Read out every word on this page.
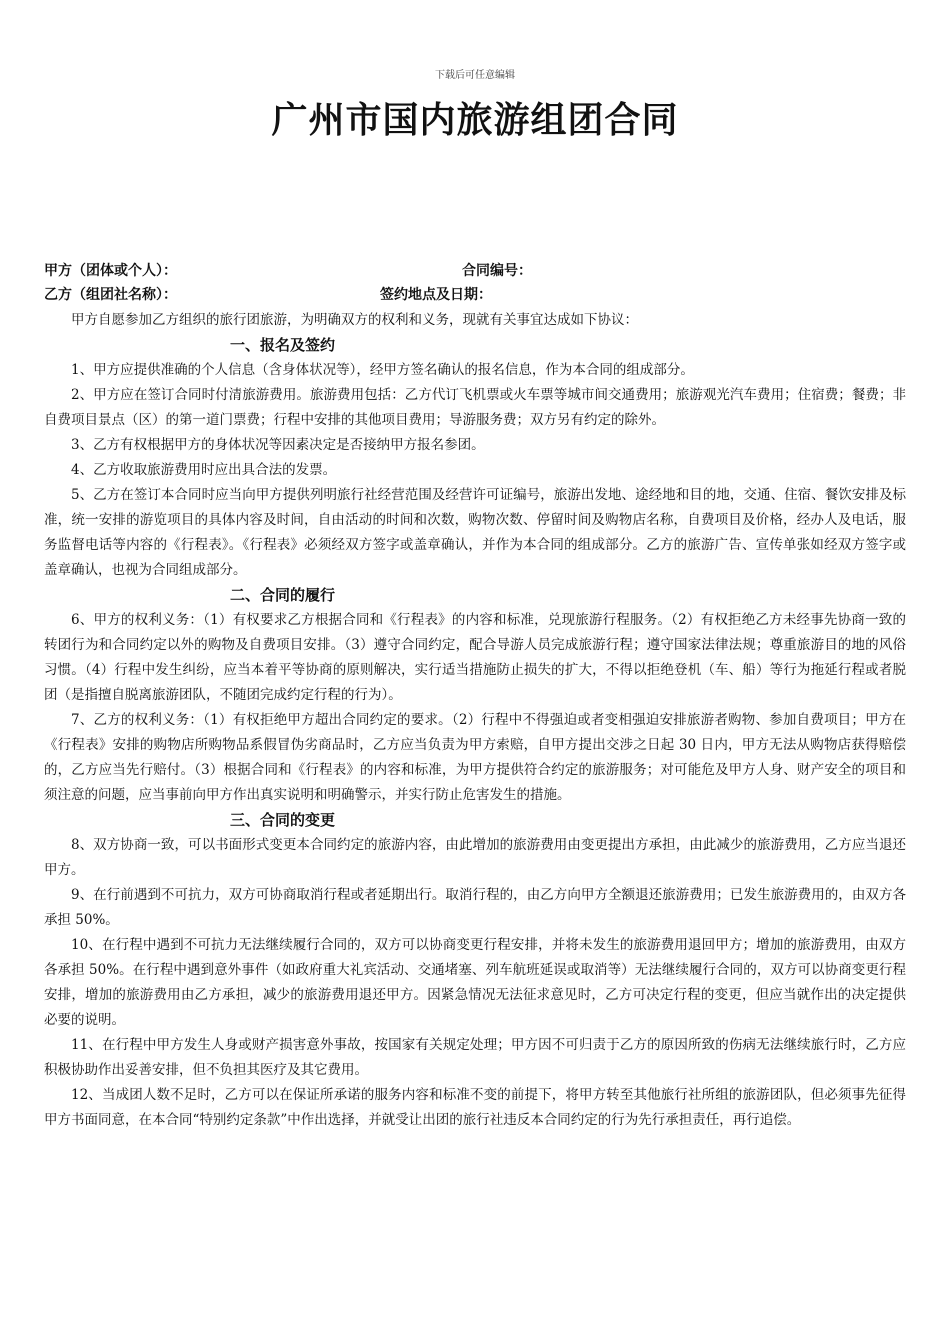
下载后可任意编辑
广州市国内旅游组团合同
甲方（团体或个人）：	合同编号：
乙方（组团社名称）：	签约地点及日期：

甲方自愿参加乙方组织的旅行团旅游，为明确双方的权利和义务，现就有关事宜达成如下协议：

一、报名及签约

1、甲方应提供准确的个人信息（含身体状况等），经甲方签名确认的报名信息，作为本合同的组成部分。

2、甲方应在签订合同时付清旅游费用。旅游费用包括：乙方代订飞机票或火车票等城市间交通费用；旅游观光汽车费用；住宿费；餐费；非自费项目景点（区）的第一道门票费；行程中安排的其他项目费用；导游服务费；双方另有约定的除外。

3、乙方有权根据甲方的身体状况等因素决定是否接纳甲方报名参团。

4、乙方收取旅游费用时应出具合法的发票。

5、乙方在签订本合同时应当向甲方提供列明旅行社经营范围及经营许可证编号，旅游出发地、途经地和目的地，交通、住宿、餐饮安排及标准，统一安排的游览项目的具体内容及时间，自由活动的时间和次数，购物次数、停留时间及购物店名称，自费项目及价格，经办人及电话，服务监督电话等内容的《行程表》。《行程表》必须经双方签字或盖章确认，并作为本合同的组成部分。乙方的旅游广告、宣传单张如经双方签字或盖章确认，也视为合同组成部分。

二、合同的履行

6、甲方的权利义务：（1）有权要求乙方根据合同和《行程表》的内容和标准，兑现旅游行程服务。（2）有权拒绝乙方未经事先协商一致的转团行为和合同约定以外的购物及自费项目安排。（3）遵守合同约定，配合导游人员完成旅游行程；遵守国家法律法规；尊重旅游目的地的风俗习惯。（4）行程中发生纠纷，应当本着平等协商的原则解决，实行适当措施防止损失的扩大，不得以拒绝登机（车、船）等行为拖延行程或者脱团（是指擅自脱离旅游团队，不随团完成约定行程的行为）。

7、乙方的权利义务：（1）有权拒绝甲方超出合同约定的要求。（2）行程中不得强迫或者变相强迫安排旅游者购物、参加自费项目；甲方在《行程表》安排的购物店所购物品系假冒伪劣商品时，乙方应当负责为甲方索赔，自甲方提出交涉之日起 30 日内，甲方无法从购物店获得赔偿的，乙方应当先行赔付。（3）根据合同和《行程表》的内容和标准，为甲方提供符合约定的旅游服务；对可能危及甲方人身、财产安全的项目和须注意的问题，应当事前向甲方作出真实说明和明确警示，并实行防止危害发生的措施。

三、合同的变更

8、双方协商一致，可以书面形式变更本合同约定的旅游内容，由此增加的旅游费用由变更提出方承担，由此减少的旅游费用，乙方应当退还甲方。

9、在行前遇到不可抗力，双方可协商取消行程或者延期出行。取消行程的，由乙方向甲方全额退还旅游费用；已发生旅游费用的，由双方各承担 50%。

10、在行程中遇到不可抗力无法继续履行合同的，双方可以协商变更行程安排，并将未发生的旅游费用退回甲方；增加的旅游费用，由双方各承担 50%。在行程中遇到意外事件（如政府重大礼宾活动、交通堵塞、列车航班延误或取消等）无法继续履行合同的，双方可以协商变更行程安排，增加的旅游费用由乙方承担，减少的旅游费用退还甲方。因紧急情况无法征求意见时，乙方可决定行程的变更，但应当就作出的决定提供必要的说明。

11、在行程中甲方发生人身或财产损害意外事故，按国家有关规定处理；甲方因不可归责于乙方的原因所致的伤病无法继续旅行时，乙方应积极协助作出妥善安排，但不负担其医疗及其它费用。

12、当成团人数不足时，乙方可以在保证所承诺的服务内容和标准不变的前提下，将甲方转至其他旅行社所组的旅游团队，但必须事先征得甲方书面同意，在本合同“特别约定条款”中作出选择，并就受让出团的旅行社违反本合同约定的行为先行承担责任，再行追偿。
